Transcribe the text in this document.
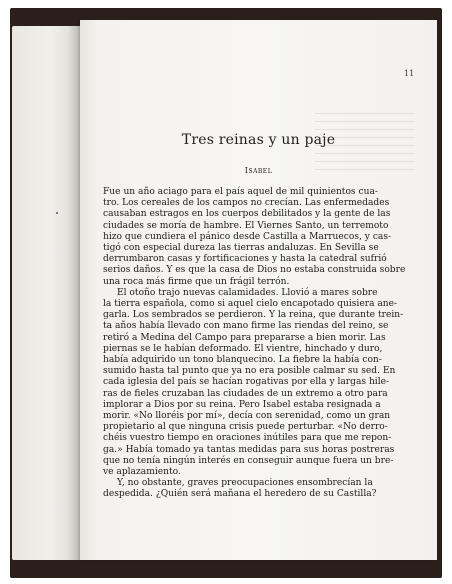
11
Tres reinas y un paje
Isabel
Fue un año aciago para el país aquel de mil quinientos cua-
tro. Los cereales de los campos no crecían. Las enfermedades
causaban estragos en los cuerpos debilitados y la gente de las
ciudades se moría de hambre. El Viernes Santo, un terremoto
hizo que cundiera el pánico desde Castilla a Marruecos, y cas-
tigó con especial dureza las tierras andaluzas. En Sevilla se
derrumbaron casas y fortificaciones y hasta la catedral sufrió
serios daños. Y es que la casa de Dios no estaba construida sobre
una roca más firme que un frágil terrón.
El otoño trajo nuevas calamidades. Llovió a mares sobre
la tierra española, como si aquel cielo encapotado quisiera ane-
garla. Los sembrados se perdieron. Y la reina, que durante trein-
ta años había llevado con mano firme las riendas del reino, se
retiró a Medina del Campo para prepararse a bien morir. Las
piernas se le habían deformado. El vientre, hinchado y duro,
había adquirido un tono blanquecino. La fiebre la había con-
sumido hasta tal punto que ya no era posible calmar su sed. En
cada iglesia del país se hacían rogativas por ella y largas hile-
ras de fieles cruzaban las ciudades de un extremo a otro para
implorar a Dios por su reina. Pero Isabel estaba resignada a
morir. «No lloréis por mí», decía con serenidad, como un gran
propietario al que ninguna crisis puede perturbar. «No derro-
chéis vuestro tiempo en oraciones inútiles para que me repon-
ga.» Había tomado ya tantas medidas para sus horas postreras
que no tenía ningún interés en conseguir aunque fuera un bre-
ve aplazamiento.
Y, no obstante, graves preocupaciones ensombrecían la
despedida. ¿Quién será mañana el heredero de su Castilla?
